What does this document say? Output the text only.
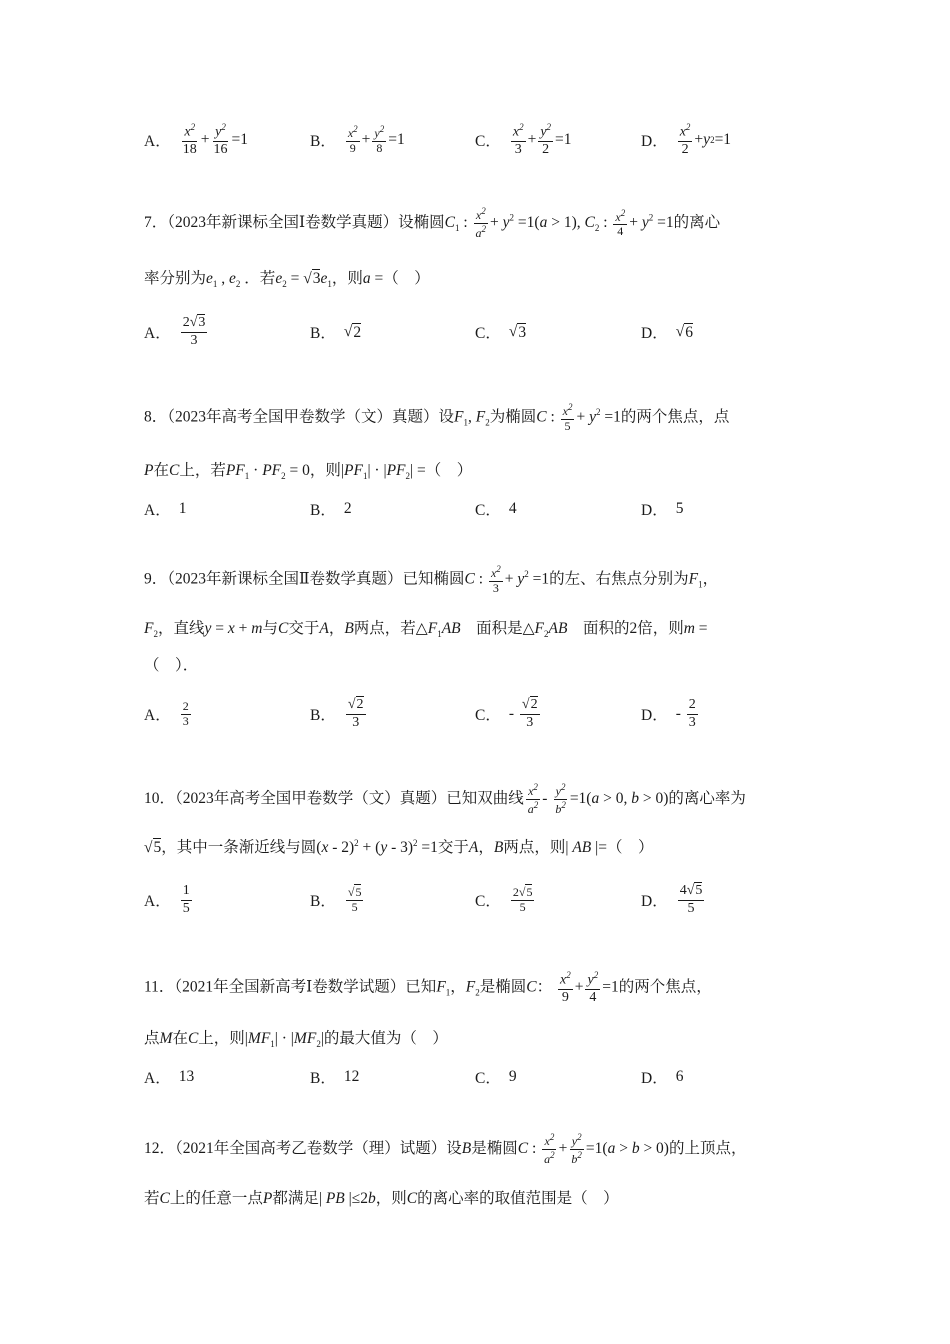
A． $\frac{x^2}{18} + \frac{y^2}{16} =1$	B． $\frac{x^2}{9} + \frac{y^2}{8} =1$	C． $\frac{x^2}{3} + \frac{y^2}{2} =1$	D． $\frac{x^2}{2} + y$ 2 =1
7．（2023年新课标全国Ⅰ卷数学真题）设椭圆$C_1$ : $\frac{x^2}{a^2} + y^2 =1(a > 1)$, $C_2$ : $\frac{x^2}{4} + y^2 =1$的离心
率分别为$e_1$ , $e_2$ ．若$e_2 = √3e_1$，则a =（　）
A． $\frac{2√3}{3}$	B． √ 2	C． √ 3	D． √ 6
8．（2023年高考全国甲卷数学（文）真题）设$F_1$, $F_2$为椭圆C : $\frac{x^2}{5} + y^2 =1$的两个焦点，点
P在C上，若$PF_1 \cdot PF_2 = 0$，则$|PF_1| \cdot |PF_2|$ =（　）
A． 1	B． 2	C． 4	D． 5
9．（2023年新课标全国Ⅱ卷数学真题）已知椭圆C : $\frac{x^2}{3} + y^2 =1$的左、右焦点分别为$F_1$，
$F_2$，直线y = x + m与C交于A，B两点，若$\triangle F_1AB$　面积是$\triangle F_2AB$　面积的2倍，则m =
（　）．
A． $\frac{2}{3}$	B． $\frac{√2}{3}$	C． - $\frac{√2}{3}$	D． - $\frac{2}{3}$
10．（2023年高考全国甲卷数学（文）真题）已知双曲线 $\frac{x^2}{a^2} - \frac{y^2}{b^2} =1(a > 0$, b > 0)的离心率为
√5，其中一条渐近线与圆(x - 2)$^2$ + (y - 3)$^2$ =1交于A，B两点，则| AB |=（　）
A． $\frac{1}{5}$	B． $\frac{√5}{5}$	C． $\frac{2√5}{5}$	D． $\frac{4√5}{5}$
11．（2021年全国新高考Ⅰ卷数学试题）已知$F_1$，$F_2$是椭圆C： $\frac{x^2}{9} + \frac{y^2}{4} =1$的两个焦点，
点M在C上，则$|MF_1| \cdot |MF_2|$的最大值为（　）
A． 13	B． 12	C． 9	D． 6
12．（2021年全国高考乙卷数学（理）试题）设B是椭圆C : $\frac{x^2}{a^2} + \frac{y^2}{b^2} =1(a > b > 0)$的上顶点，
若C上的任意一点P都满足| PB |≤2b，则C的离心率的取值范围是（　）
